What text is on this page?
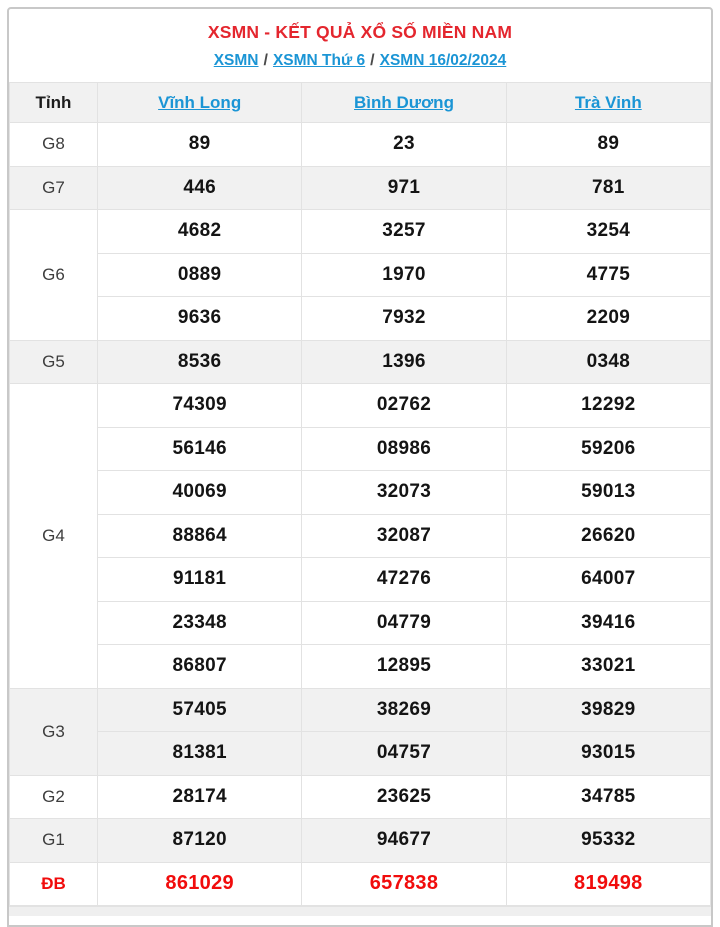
XSMN - KẾT QUẢ XỔ SỐ MIỀN NAM
XSMN / XSMN Thứ 6 / XSMN 16/02/2024
Tỉnh	Vĩnh Long	Bình Dương	Trà Vinh
G8	89	23	89
G7	446	971	781
G6	4682	3257	3254
	0889	1970	4775
	9636	7932	2209
G5	8536	1396	0348
G4	74309	02762	12292
	56146	08986	59206
	40069	32073	59013
	88864	32087	26620
	91181	47276	64007
	23348	04779	39416
	86807	12895	33021
G3	57405	38269	39829
	81381	04757	93015
G2	28174	23625	34785
G1	87120	94677	95332
ĐB	861029	657838	819498
